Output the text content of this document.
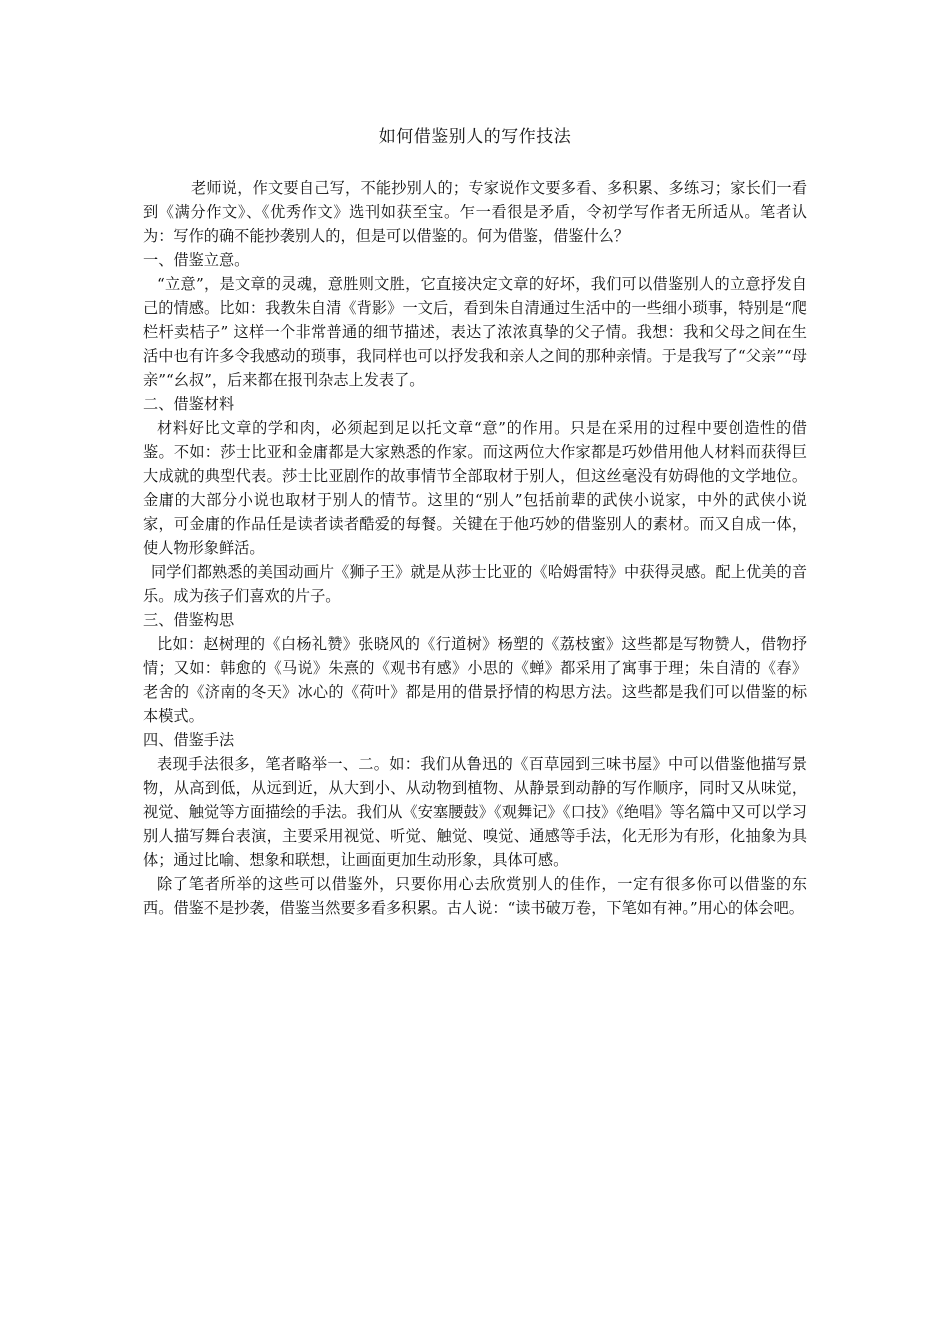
如何借鉴别人的写作技法

老师说，作文要自己写，不能抄别人的；专家说作文要多看、多积累、多练习；家长们一看到《满分作文》、《优秀作文》选刊如获至宝。乍一看很是矛盾，令初学写作者无所适从。笔者认为：写作的确不能抄袭别人的，但是可以借鉴的。何为借鉴，借鉴什么？

一、借鉴立意。

“立意”，是文章的灵魂，意胜则文胜，它直接决定文章的好坏，我们可以借鉴别人的立意抒发自己的情感。比如：我教朱自清《背影》一文后，看到朱自清通过生活中的一些细小琐事，特别是“爬栏杆卖桔子” 这样一个非常普通的细节描述，表达了浓浓真挚的父子情。我想：我和父母之间在生活中也有许多令我感动的琐事，我同样也可以抒发我和亲人之间的那种亲情。于是我写了“父亲”“母亲”“幺叔”，后来都在报刊杂志上发表了。

二、借鉴材料

材料好比文章的学和肉，必须起到足以托文章“意”的作用。只是在采用的过程中要创造性的借鉴。不如：莎士比亚和金庸都是大家熟悉的作家。而这两位大作家都是巧妙借用他人材料而获得巨大成就的典型代表。莎士比亚剧作的故事情节全部取材于别人，但这丝毫没有妨碍他的文学地位。金庸的大部分小说也取材于别人的情节。这里的“别人”包括前辈的武侠小说家，中外的武侠小说家，可金庸的作品任是读者读者酷爱的每餐。关键在于他巧妙的借鉴别人的素材。而又自成一体，使人物形象鲜活。

同学们都熟悉的美国动画片《狮子王》就是从莎士比亚的《哈姆雷特》中获得灵感。配上优美的音乐。成为孩子们喜欢的片子。

三、借鉴构思

比如：赵树理的《白杨礼赞》张晓风的《行道树》杨塑的《荔枝蜜》这些都是写物赞人，借物抒情；又如：韩愈的《马说》朱熹的《观书有感》小思的《蝉》都采用了寓事于理；朱自清的《春》老舍的《济南的冬天》冰心的《荷叶》都是用的借景抒情的构思方法。这些都是我们可以借鉴的标本模式。

四、借鉴手法

表现手法很多，笔者略举一、二。如：我们从鲁迅的《百草园到三味书屋》中可以借鉴他描写景物，从高到低，从远到近，从大到小、从动物到植物、从静景到动静的写作顺序，同时又从味觉，视觉、触觉等方面描绘的手法。我们从《安塞腰鼓》《观舞记》《口技》《绝唱》等名篇中又可以学习别人描写舞台表演，主要采用视觉、听觉、触觉、嗅觉、通感等手法，化无形为有形，化抽象为具体；通过比喻、想象和联想，让画面更加生动形象，具体可感。

除了笔者所举的这些可以借鉴外，只要你用心去欣赏别人的佳作，一定有很多你可以借鉴的东西。借鉴不是抄袭，借鉴当然要多看多积累。古人说：“读书破万卷，下笔如有神。”用心的体会吧。
